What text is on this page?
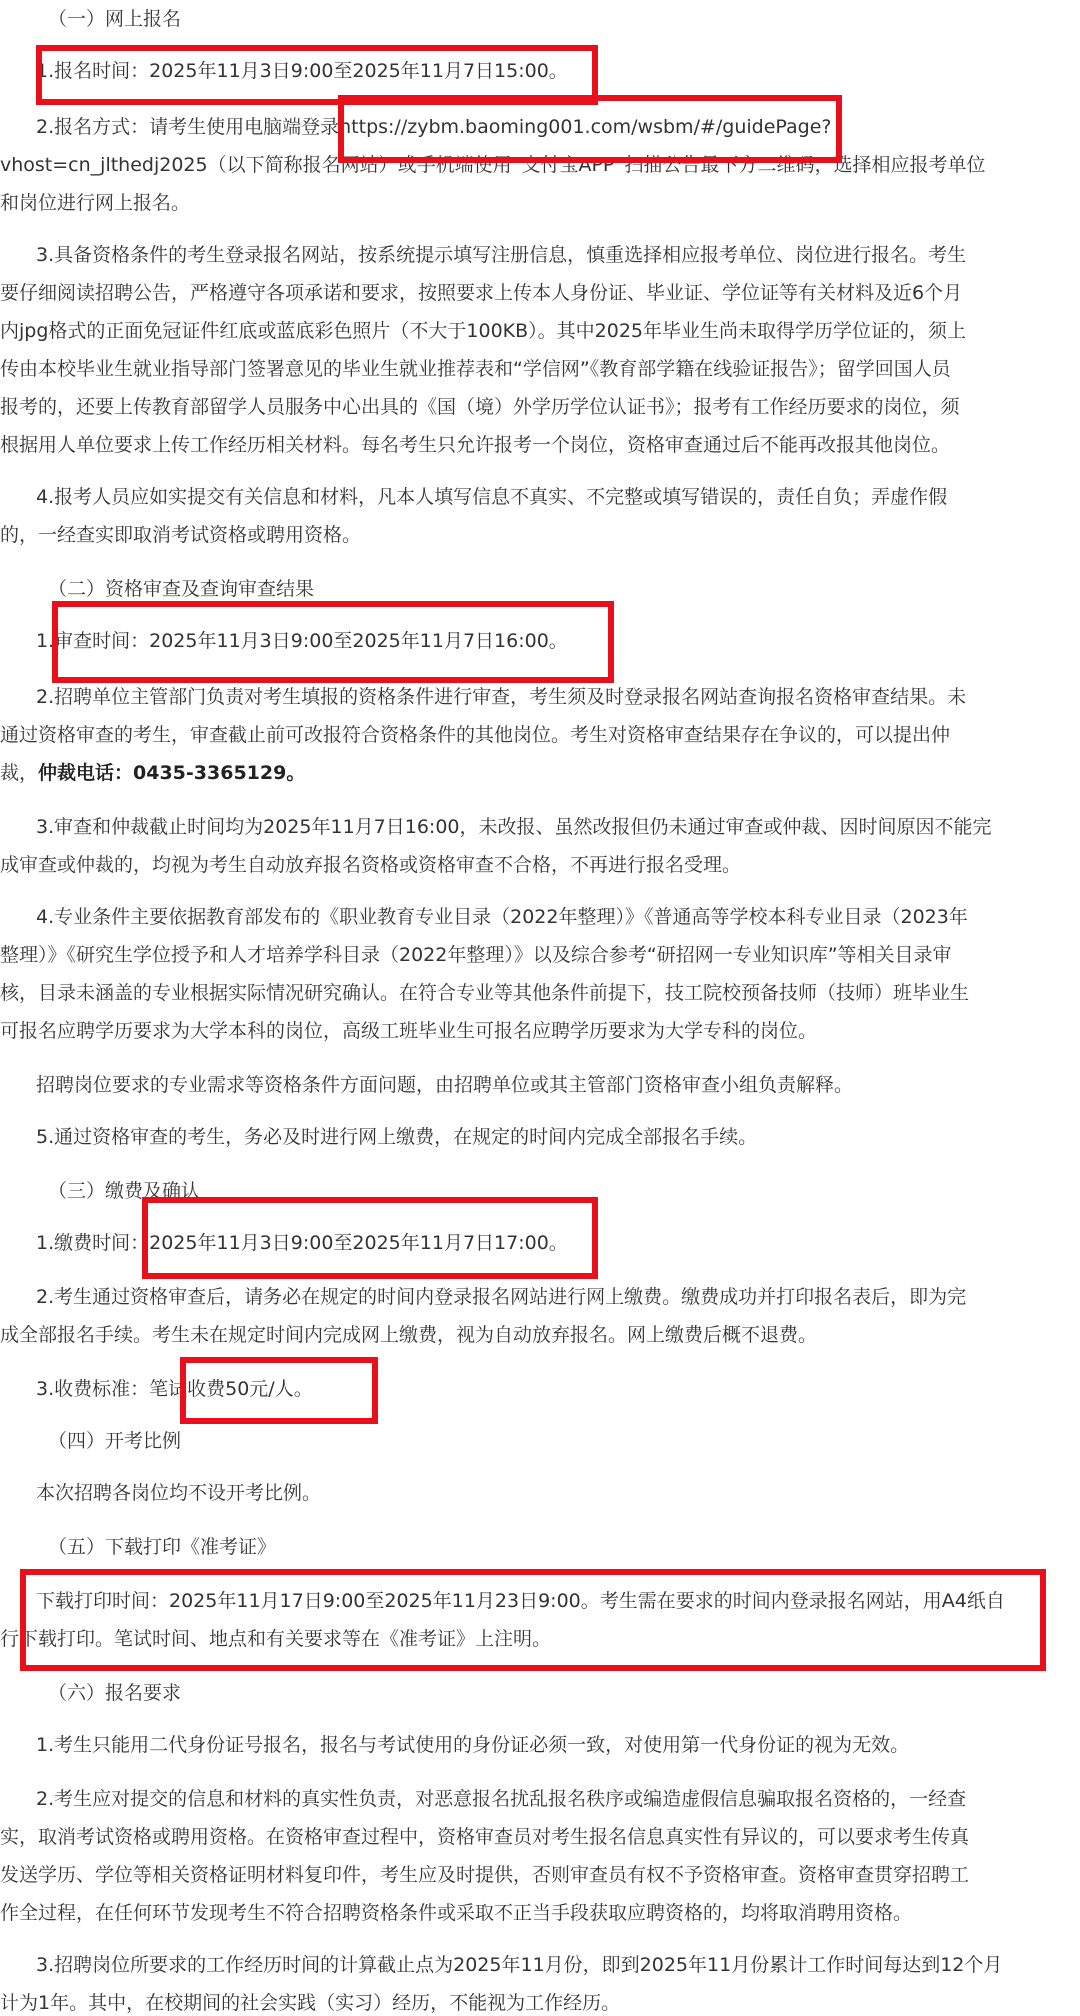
（一）网上报名

1.报名时间：2025年11月3日9:00至2025年11月7日15:00。

2.报名方式：请考生使用电脑端登录https://zybm.baoming001.com/wsbm/#/guidePage?

vhost=cn_jlthedj2025（以下简称报名网站）或手机端使用“支付宝APP”扫描公告最下方二维码，选择相应报考单位

和岗位进行网上报名。

3.具备资格条件的考生登录报名网站，按系统提示填写注册信息，慎重选择相应报考单位、岗位进行报名。考生

要仔细阅读招聘公告，严格遵守各项承诺和要求，按照要求上传本人身份证、毕业证、学位证等有关材料及近6个月

内jpg格式的正面免冠证件红底或蓝底彩色照片（不大于100KB）。其中2025年毕业生尚未取得学历学位证的，须上

传由本校毕业生就业指导部门签署意见的毕业生就业推荐表和“学信网”《教育部学籍在线验证报告》；留学回国人员

报考的，还要上传教育部留学人员服务中心出具的《国（境）外学历学位认证书》；报考有工作经历要求的岗位，须

根据用人单位要求上传工作经历相关材料。每名考生只允许报考一个岗位，资格审查通过后不能再改报其他岗位。

4.报考人员应如实提交有关信息和材料，凡本人填写信息不真实、不完整或填写错误的，责任自负；弄虚作假

的，一经查实即取消考试资格或聘用资格。

（二）资格审查及查询审查结果

1.审查时间：2025年11月3日9:00至2025年11月7日16:00。

2.招聘单位主管部门负责对考生填报的资格条件进行审查，考生须及时登录报名网站查询报名资格审查结果。未

通过资格审查的考生，审查截止前可改报符合资格条件的其他岗位。考生对资格审查结果存在争议的，可以提出仲

裁，仲裁电话：0435-3365129。

3.审查和仲裁截止时间均为2025年11月7日16:00，未改报、虽然改报但仍未通过审查或仲裁、因时间原因不能完

成审查或仲裁的，均视为考生自动放弃报名资格或资格审查不合格，不再进行报名受理。

4.专业条件主要依据教育部发布的《职业教育专业目录（2022年整理）》《普通高等学校本科专业目录（2023年

整理）》《研究生学位授予和人才培养学科目录（2022年整理）》以及综合参考“研招网一专业知识库”等相关目录审

核，目录未涵盖的专业根据实际情况研究确认。在符合专业等其他条件前提下，技工院校预备技师（技师）班毕业生

可报名应聘学历要求为大学本科的岗位，高级工班毕业生可报名应聘学历要求为大学专科的岗位。

招聘岗位要求的专业需求等资格条件方面问题，由招聘单位或其主管部门资格审查小组负责解释。

5.通过资格审查的考生，务必及时进行网上缴费，在规定的时间内完成全部报名手续。

（三）缴费及确认

1.缴费时间：2025年11月3日9:00至2025年11月7日17:00。

2.考生通过资格审查后，请务必在规定的时间内登录报名网站进行网上缴费。缴费成功并打印报名表后，即为完

成全部报名手续。考生未在规定时间内完成网上缴费，视为自动放弃报名。网上缴费后概不退费。

3.收费标准：笔试收费50元/人。

（四）开考比例

本次招聘各岗位均不设开考比例。

（五）下载打印《准考证》

下载打印时间：2025年11月17日9:00至2025年11月23日9:00。考生需在要求的时间内登录报名网站，用A4纸自

行下载打印。笔试时间、地点和有关要求等在《准考证》上注明。

（六）报名要求

1.考生只能用二代身份证号报名，报名与考试使用的身份证必须一致，对使用第一代身份证的视为无效。

2.考生应对提交的信息和材料的真实性负责，对恶意报名扰乱报名秩序或编造虚假信息骗取报名资格的，一经查

实，取消考试资格或聘用资格。在资格审查过程中，资格审查员对考生报名信息真实性有异议的，可以要求考生传真

发送学历、学位等相关资格证明材料复印件，考生应及时提供，否则审查员有权不予资格审查。资格审查贯穿招聘工

作全过程，在任何环节发现考生不符合招聘资格条件或采取不正当手段获取应聘资格的，均将取消聘用资格。

3.招聘岗位所要求的工作经历时间的计算截止点为2025年11月份，即到2025年11月份累计工作时间每达到12个月

计为1年。其中，在校期间的社会实践（实习）经历，不能视为工作经历。
